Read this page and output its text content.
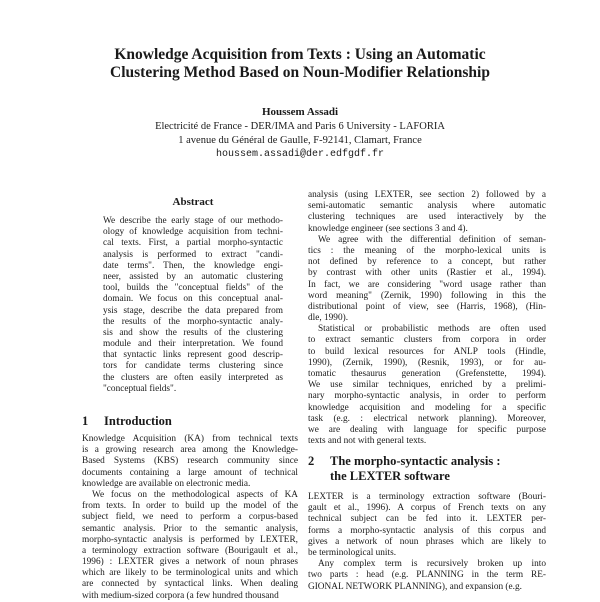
Knowledge Acquisition from Texts : Using an Automatic
Clustering Method Based on Noun-Modifier Relationship
Houssem Assadi
Electricité de France - DER/IMA and Paris 6 University - LAFORIA
1 avenue du Général de Gaulle, F-92141, Clamart, France
houssem.assadi@der.edfgdf.fr
Abstract
We describe the early stage of our methodo-
ology of knowledge acquisition from techni-
cal texts. First, a partial morpho-syntactic
analysis is performed to extract "candi-
date terms". Then, the knowledge engi-
neer, assisted by an automatic clustering
tool, builds the "conceptual fields" of the
domain. We focus on this conceptual anal-
ysis stage, describe the data prepared from
the results of the morpho-syntactic analy-
sis and show the results of the clustering
module and their interpretation. We found
that syntactic links represent good descrip-
tors for candidate terms clustering since
the clusters are often easily interpreted as
"conceptual fields".
1 Introduction
Knowledge Acquisition (KA) from technical texts
is a growing research area among the Knowledge-
Based Systems (KBS) research community since
documents containing a large amount of technical
knowledge are available on electronic media.
We focus on the methodological aspects of KA
from texts. In order to build up the model of the
subject field, we need to perform a corpus-based
semantic analysis. Prior to the semantic analysis,
morpho-syntactic analysis is performed by LEXTER,
a terminology extraction software (Bourigault et al.,
1996) : LEXTER gives a network of noun phrases
which are likely to be terminological units and which
are connected by syntactical links. When dealing
with medium-sized corpora (a few hundred thousand
analysis (using LEXTER, see section 2) followed by a
semi-automatic semantic analysis where automatic
clustering techniques are used interactively by the
knowledge engineer (see sections 3 and 4).
We agree with the differential definition of seman-
tics : the meaning of the morpho-lexical units is
not defined by reference to a concept, but rather
by contrast with other units (Rastier et al., 1994).
In fact, we are considering "word usage rather than
word meaning" (Zernik, 1990) following in this the
distributional point of view, see (Harris, 1968), (Hin-
dle, 1990).
Statistical or probabilistic methods are often used
to extract semantic clusters from corpora in order
to build lexical resources for ANLP tools (Hindle,
1990), (Zernik, 1990), (Resnik, 1993), or for au-
tomatic thesaurus generation (Grefenstette, 1994).
We use similar techniques, enriched by a prelimi-
nary morpho-syntactic analysis, in order to perform
knowledge acquisition and modeling for a specific
task (e.g. : electrical network planning). Moreover,
we are dealing with language for specific purpose
texts and not with general texts.
2 The morpho-syntactic analysis :
the LEXTER software
LEXTER is a terminology extraction software (Bouri-
gault et al., 1996). A corpus of French texts on any
technical subject can be fed into it. LEXTER per-
forms a morpho-syntactic analysis of this corpus and
gives a network of noun phrases which are likely to
be terminological units.
Any complex term is recursively broken up into
two parts : head (e.g. PLANNING in the term RE-
GIONAL NETWORK PLANNING), and expansion (e.g.
